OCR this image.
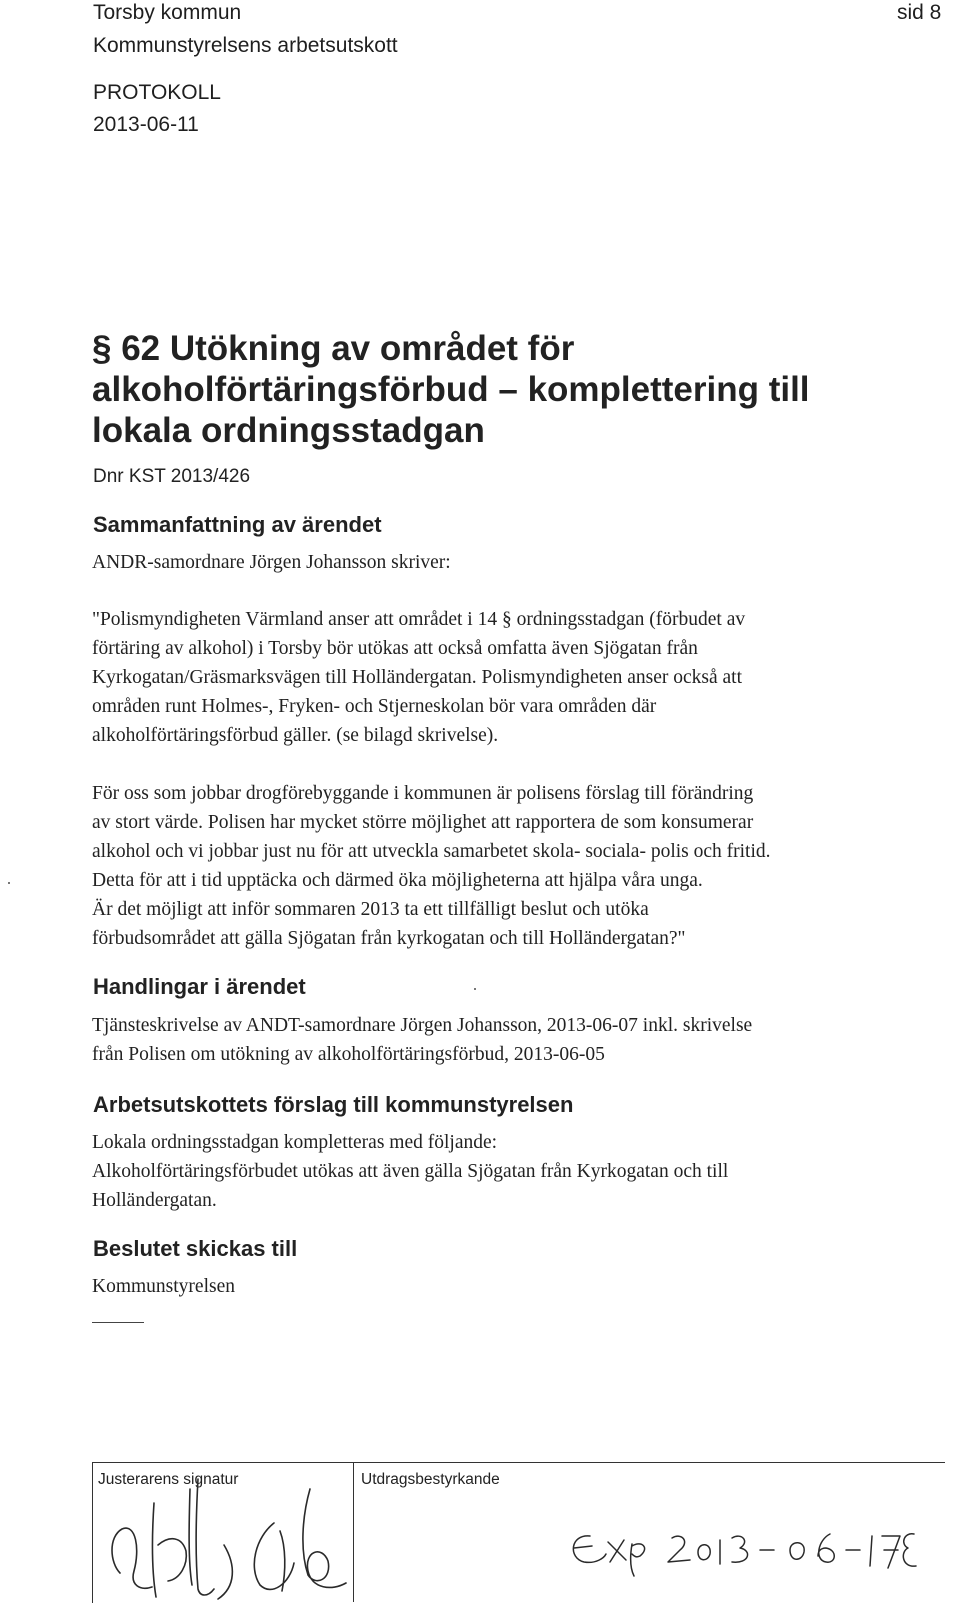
Torsby kommun
Kommunstyrelsens arbetsutskott
PROTOKOLL
2013-06-11
sid 8
§ 62 Utökning av området för
alkoholförtäringsförbud – komplettering till
lokala ordningsstadgan
Dnr KST 2013/426
Sammanfattning av ärendet
ANDR-samordnare Jörgen Johansson skriver:
"Polismyndigheten Värmland anser att området i 14 § ordningsstadgan (förbudet av
förtäring av alkohol) i Torsby bör utökas att också omfatta även Sjögatan från
Kyrkogatan/Gräsmarksvägen till Holländergatan. Polismyndigheten anser också att
områden runt Holmes-, Fryken- och Stjerneskolan bör vara områden där
alkoholförtäringsförbud gäller. (se bilagd skrivelse).
För oss som jobbar drogförebyggande i kommunen är polisens förslag till förändring
av stort värde. Polisen har mycket större möjlighet att rapportera de som konsumerar
alkohol och vi jobbar just nu för att utveckla samarbetet skola- sociala- polis och fritid.
Detta för att i tid upptäcka och därmed öka möjligheterna att hjälpa våra unga.
Är det möjligt att inför sommaren 2013 ta ett tillfälligt beslut och utöka
förbudsområdet att gälla Sjögatan från kyrkogatan och till Holländergatan?"
Handlingar i ärendet
Tjänsteskrivelse av ANDT-samordnare Jörgen Johansson, 2013-06-07 inkl. skrivelse
från Polisen om utökning av alkoholförtäringsförbud, 2013-06-05
Arbetsutskottets förslag till kommunstyrelsen
Lokala ordningsstadgan kompletteras med följande:
Alkoholförtäringsförbudet utökas att även gälla Sjögatan från Kyrkogatan och till
Holländergatan.
Beslutet skickas till
Kommunstyrelsen
Justerarens signatur	Utdragsbestyrkande
